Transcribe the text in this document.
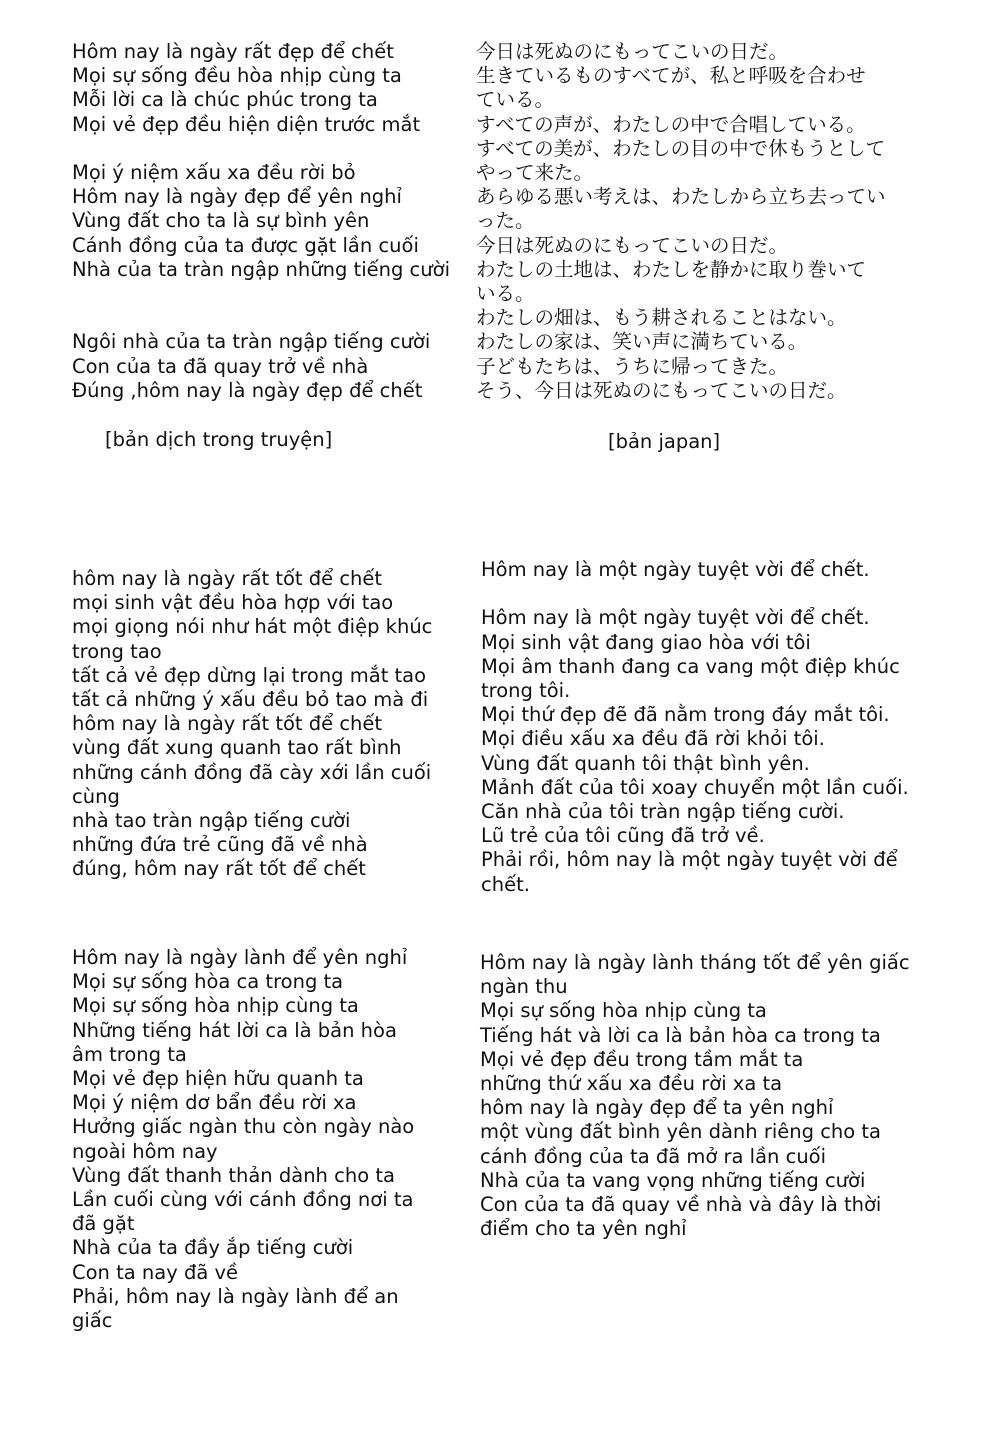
Hôm nay là ngày rất đẹp để chết
Mọi sự sống đều hòa nhịp cùng ta
Mỗi lời ca là chúc phúc trong ta
Mọi vẻ đẹp đều hiện diện trước mắt
Mọi ý niệm xấu xa đều rời bỏ
Hôm nay là ngày đẹp để yên nghỉ
Vùng đất cho ta là sự bình yên
Cánh đồng của ta được gặt lần cuối
Nhà của ta tràn ngập những tiếng cười
Ngôi nhà của ta tràn ngập tiếng cười
Con của ta đã quay trở về nhà
Đúng ,hôm nay là ngày đẹp để chết
今日は死ぬのにもってこいの日だ。
生きているものすべてが、私と呼吸を合わせ
ている。
すべての声が、わたしの中で合唱している。
すべての美が、わたしの目の中で休もうとして
やって来た。
あらゆる悪い考えは、わたしから立ち去ってい
った。
今日は死ぬのにもってこいの日だ。
わたしの土地は、わたしを静かに取り巻いて
いる。
わたしの畑は、もう耕されることはない。
わたしの家は、笑い声に満ちている。
子どもたちは、うちに帰ってきた。
そう、今日は死ぬのにもってこいの日だ。
[bản dịch trong truyện]	[bản japan]
hôm nay là ngày rất tốt để chết
mọi sinh vật đều hòa hợp với tao
mọi giọng nói như hát một điệp khúc
trong tao
tất cả vẻ đẹp dừng lại trong mắt tao
tất cả những ý xấu đều bỏ tao mà đi
hôm nay là ngày rất tốt để chết
vùng đất xung quanh tao rất bình
những cánh đồng đã cày xới lần cuối
cùng
nhà tao tràn ngập tiếng cười
những đứa trẻ cũng đã về nhà
đúng, hôm nay rất tốt để chết
Hôm nay là một ngày tuyệt vời để chết.
Hôm nay là một ngày tuyệt vời để chết.
Mọi sinh vật đang giao hòa với tôi
Mọi âm thanh đang ca vang một điệp khúc
trong tôi.
Mọi thứ đẹp đẽ đã nằm trong đáy mắt tôi.
Mọi điều xấu xa đều đã rời khỏi tôi.
Vùng đất quanh tôi thật bình yên.
Mảnh đất của tôi xoay chuyển một lần cuối.
Căn nhà của tôi tràn ngập tiếng cười.
Lũ trẻ của tôi cũng đã trở về.
Phải rồi, hôm nay là một ngày tuyệt vời để
chết.
Hôm nay là ngày lành để yên nghỉ
Mọi sự sống hòa ca trong ta
Mọi sự sống hòa nhịp cùng ta
Những tiếng hát lời ca là bản hòa
âm trong ta
Mọi vẻ đẹp hiện hữu quanh ta
Mọi ý niệm dơ bẩn đều rời xa
Hưởng giấc ngàn thu còn ngày nào
ngoài hôm nay
Vùng đất thanh thản dành cho ta
Lần cuối cùng với cánh đồng nơi ta
đã gặt
Nhà của ta đầy ắp tiếng cười
Con ta nay đã về
Phải, hôm nay là ngày lành để an
giấc
Hôm nay là ngày lành tháng tốt để yên giấc
ngàn thu
Mọi sự sống hòa nhịp cùng ta
Tiếng hát và lời ca là bản hòa ca trong ta
Mọi vẻ đẹp đều trong tầm mắt ta
những thứ xấu xa đều rời xa ta
hôm nay là ngày đẹp để ta yên nghỉ
một vùng đất bình yên dành riêng cho ta
cánh đồng của ta đã mở ra lần cuối
Nhà của ta vang vọng những tiếng cười
Con của ta đã quay về nhà và đây là thời
điểm cho ta yên nghỉ
